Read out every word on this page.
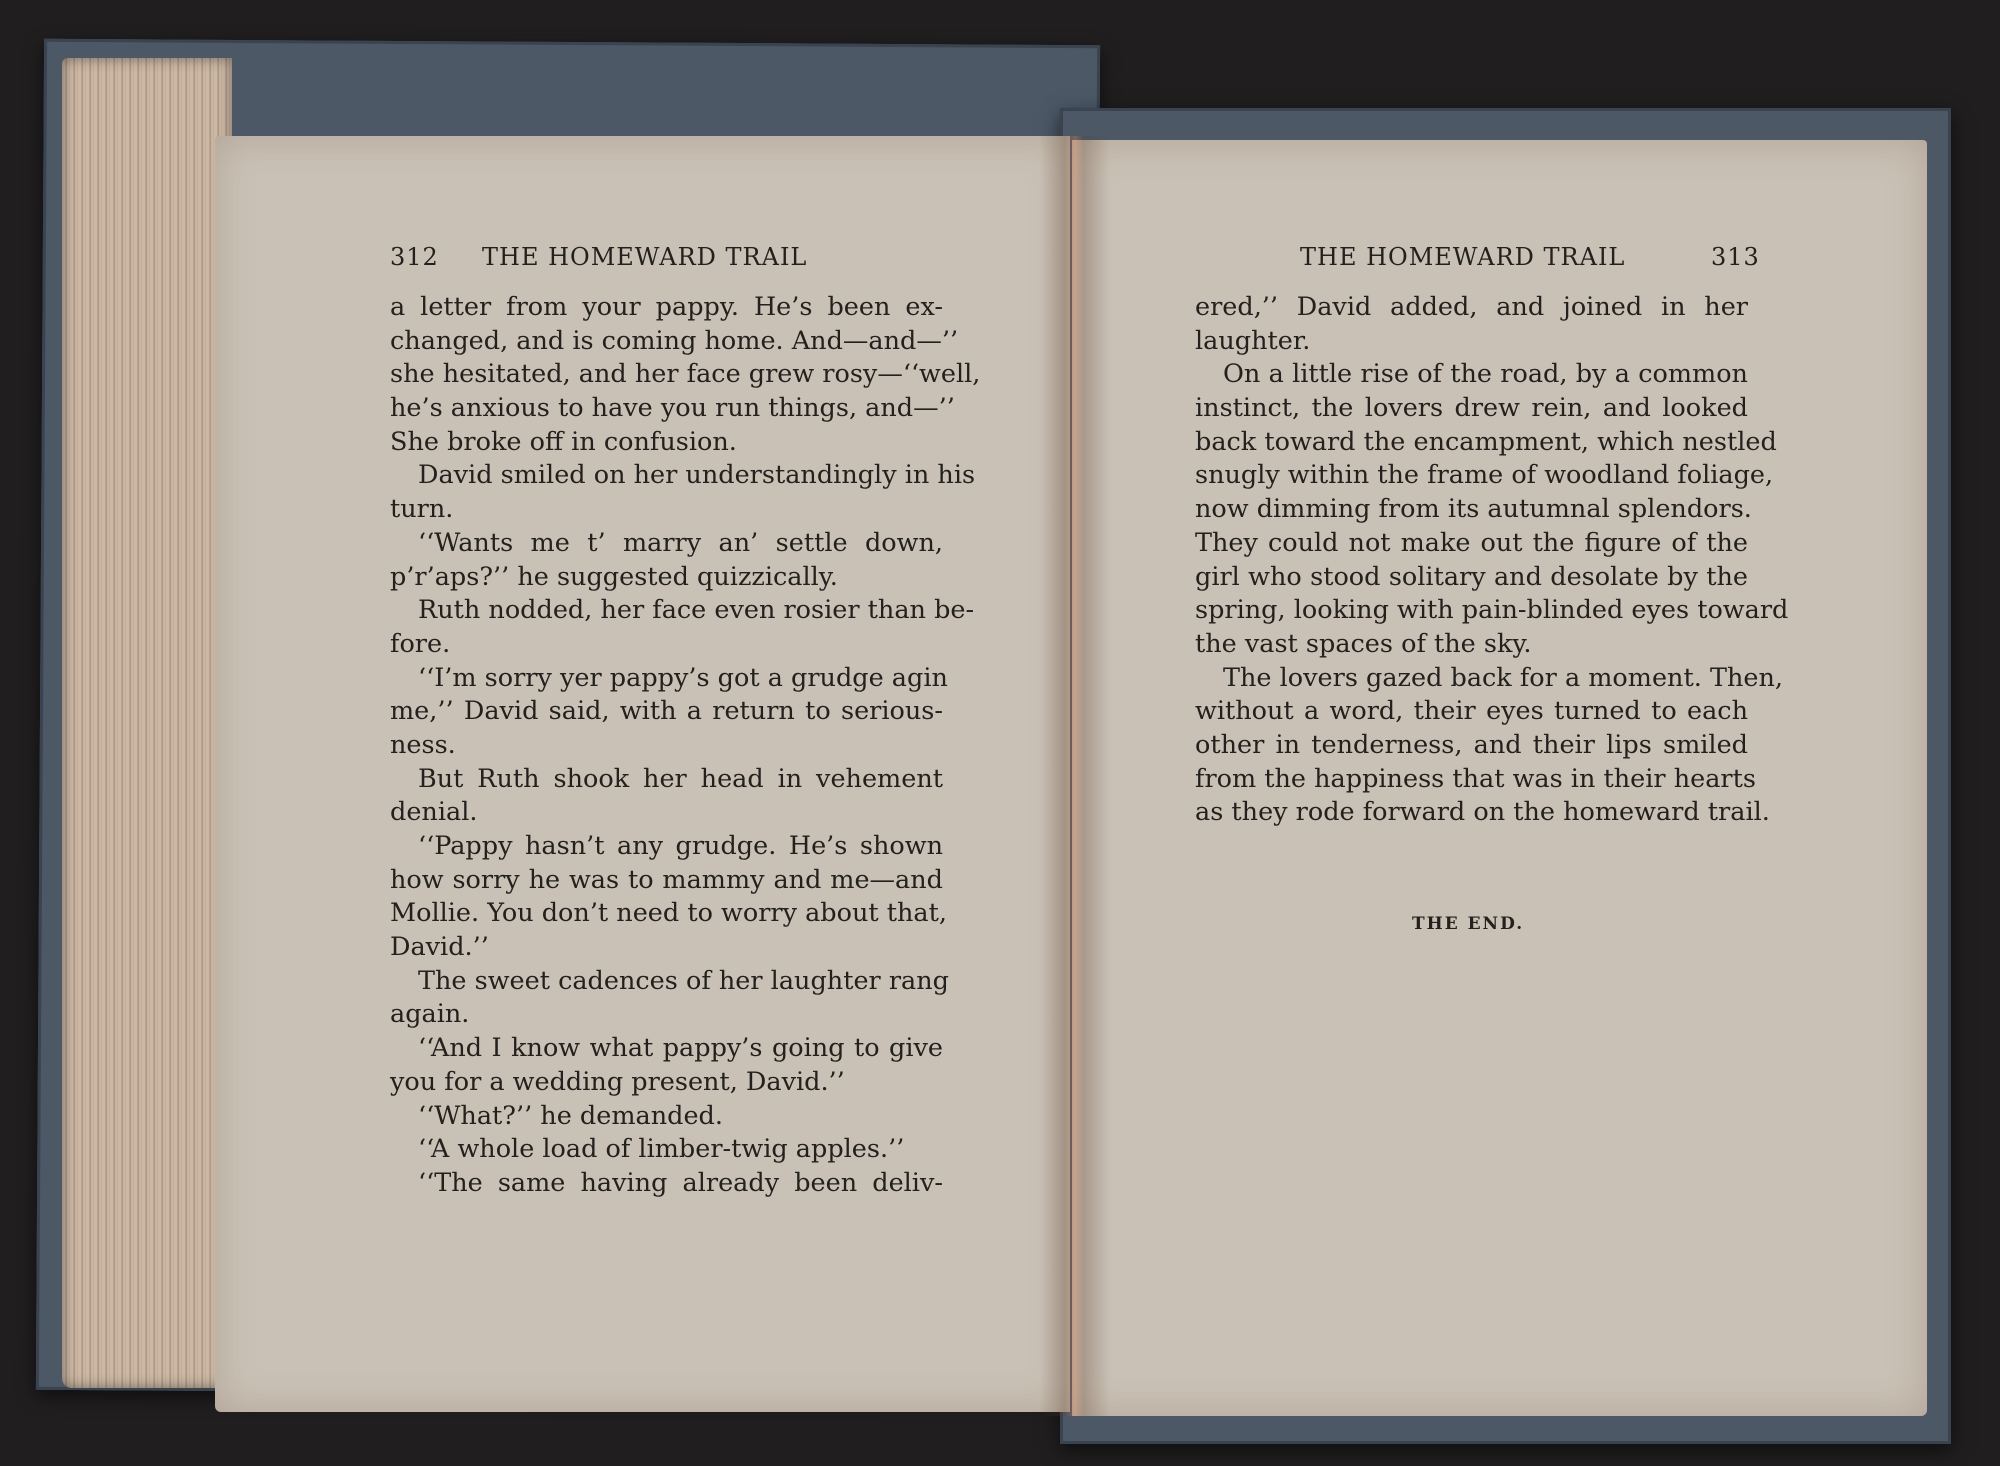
312 THE HOMEWARD TRAIL	THE HOMEWARD TRAIL	313
a letter from your pappy. He’s been ex-
changed, and is coming home. And—and—’’
she hesitated, and her face grew rosy—‘‘well,
he’s anxious to have you run things, and—’’
She broke off in confusion.
David smiled on her understandingly in his
turn.
‘‘Wants me t’ marry an’ settle down,
p’r’aps?’’ he suggested quizzically.
Ruth nodded, her face even rosier than be-
fore.
‘‘I’m sorry yer pappy’s got a grudge agin
me,’’ David said, with a return to serious-
ness.
But Ruth shook her head in vehement
denial.
‘‘Pappy hasn’t any grudge. He’s shown
how sorry he was to mammy and me—and
Mollie. You don’t need to worry about that,
David.’’
The sweet cadences of her laughter rang
again.
‘‘And I know what pappy’s going to give
you for a wedding present, David.’’
‘‘What?’’ he demanded.
‘‘A whole load of limber-twig apples.’’
‘‘The same having already been deliv-
ered,’’ David added, and joined in her
laughter.
On a little rise of the road, by a common
instinct, the lovers drew rein, and looked
back toward the encampment, which nestled
snugly within the frame of woodland foliage,
now dimming from its autumnal splendors.
They could not make out the figure of the
girl who stood solitary and desolate by the
spring, looking with pain-blinded eyes toward
the vast spaces of the sky.
The lovers gazed back for a moment. Then,
without a word, their eyes turned to each
other in tenderness, and their lips smiled
from the happiness that was in their hearts
as they rode forward on the homeward trail.
THE END.
